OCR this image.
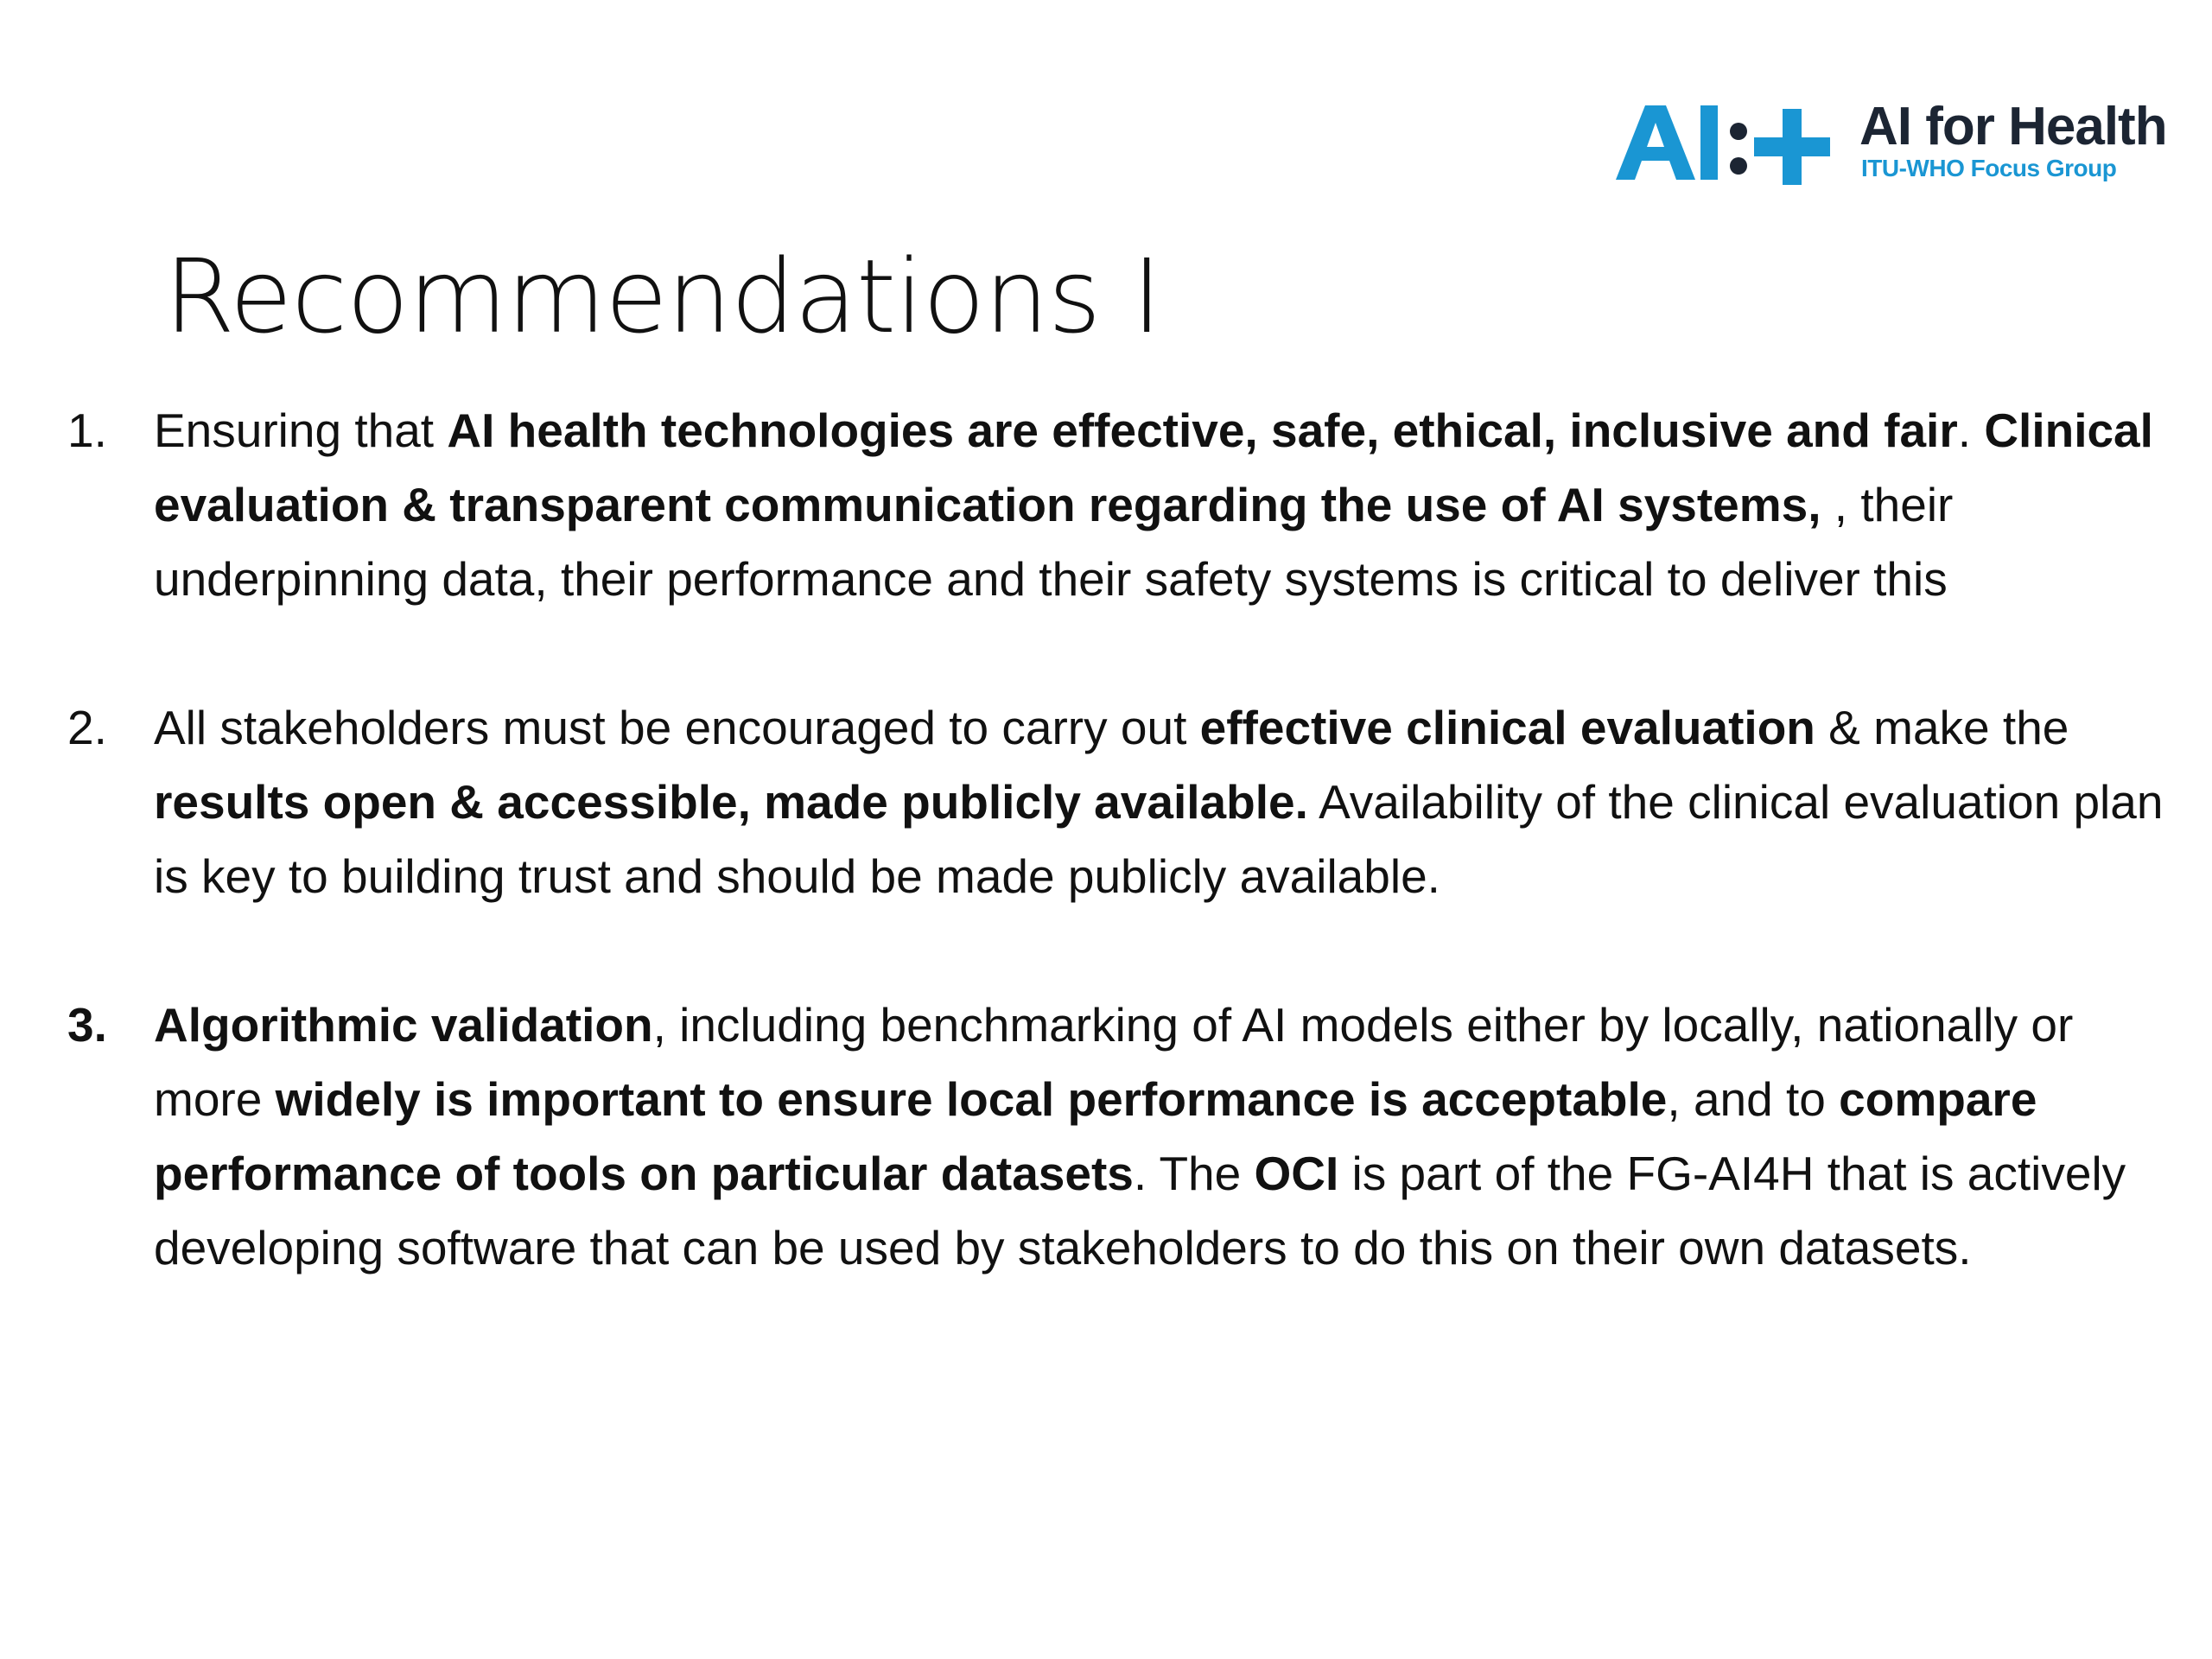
AI for Health
ITU-WHO Focus Group
Recommendations I
1. Ensuring that AI health technologies are effective, safe, ethical, inclusive and fair. Clinical evaluation & transparent communication regarding the use of AI systems, , their underpinning data, their performance and their safety systems is critical to deliver this
2. All stakeholders must be encouraged to carry out effective clinical evaluation & make the results open & accessible, made publicly available. Availability of the clinical evaluation plan is key to building trust and should be made publicly available.
3. Algorithmic validation, including benchmarking of AI models either by locally, nationally or more widely is important to ensure local performance is acceptable, and to compare performance of tools on particular datasets. The OCI is part of the FG-AI4H that is actively developing software that can be used by stakeholders to do this on their own datasets.
